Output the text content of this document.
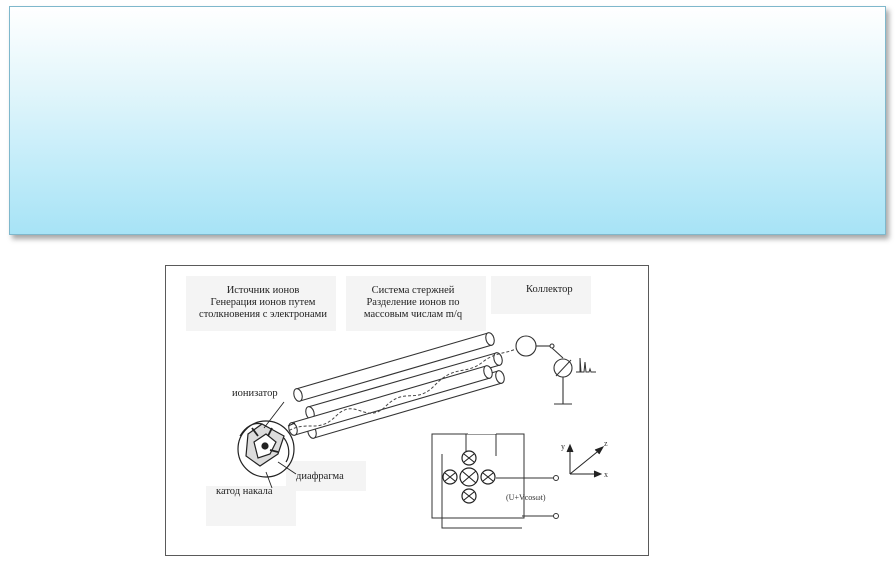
Источник ионов
Генерация ионов путем
столкновения с электронами
Система стержней
Разделение ионов по
массовым числам m/q
Коллектор
ионизатор
диафрагма
катод накала
(U+Vcosωt)
y
x
z
